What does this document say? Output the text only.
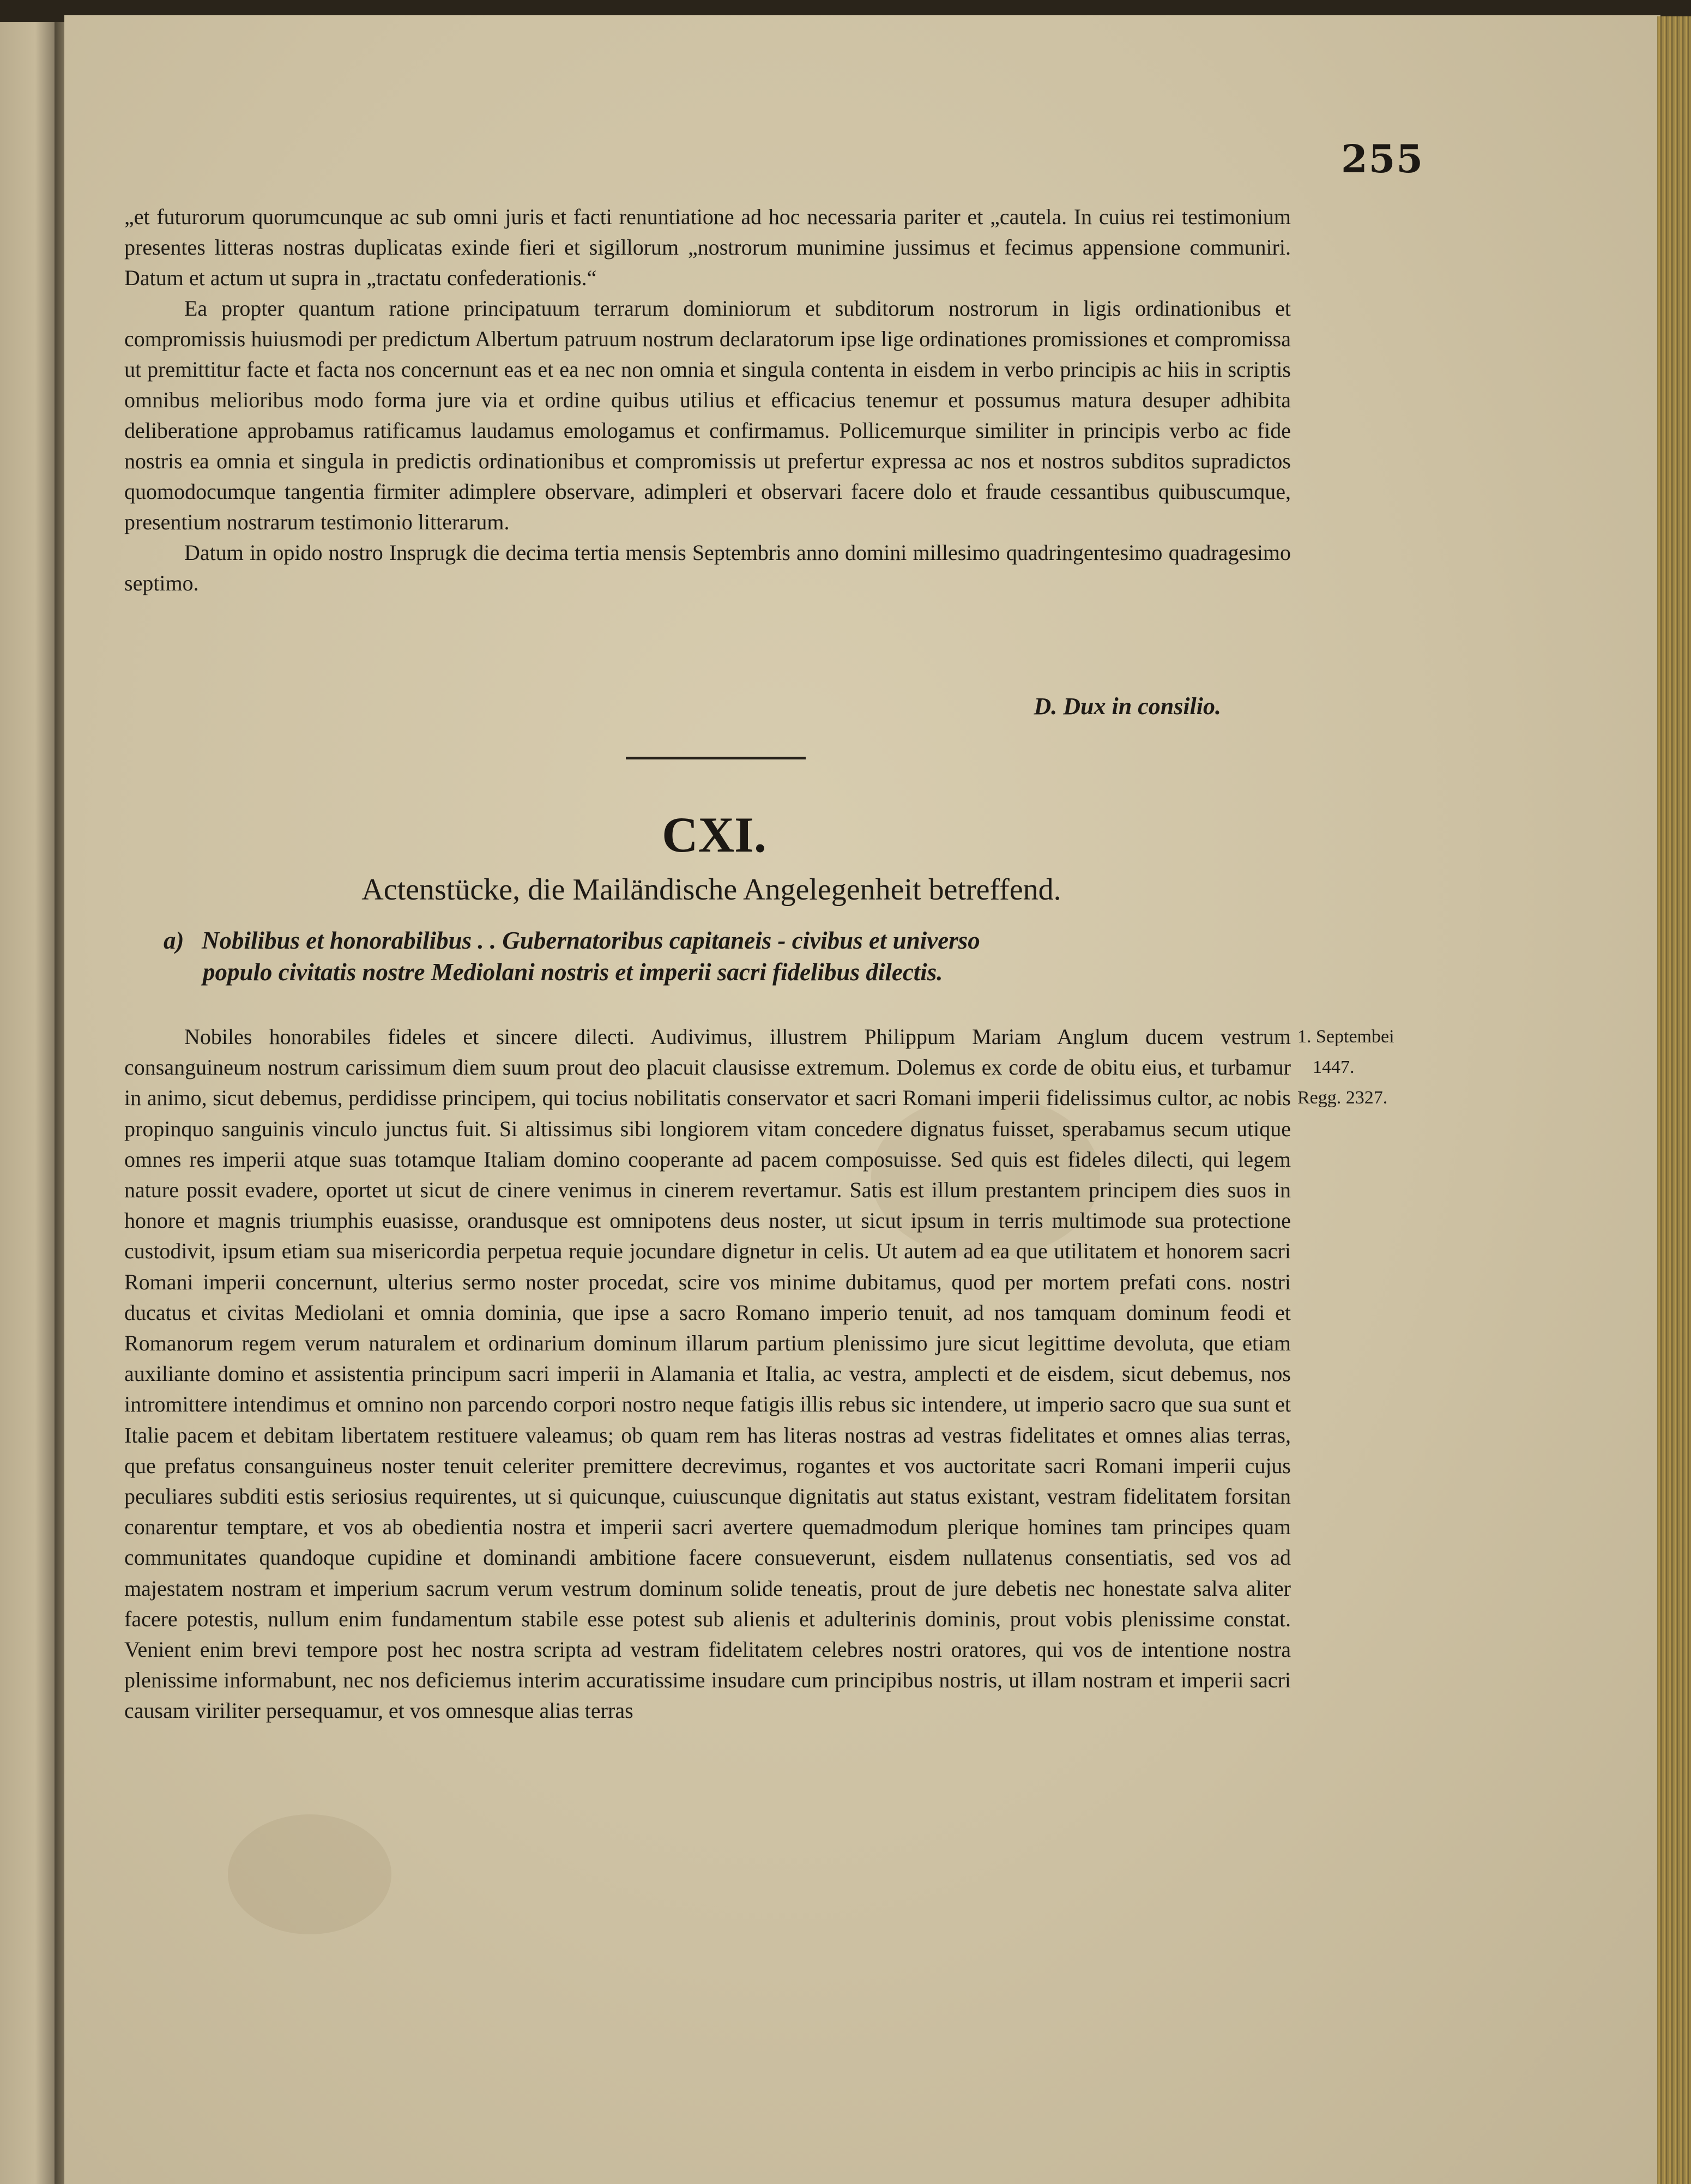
255

„et futurorum quorumcunque ac sub omni juris et facti renuntiatione ad hoc necessaria pariter et „cautela. In cuius rei testimonium presentes litteras nostras duplicatas exinde fieri et sigillorum „nostrorum munimine jussimus et fecimus appensione communiri. Datum et actum ut supra in „tractatu confederationis.“

Ea propter quantum ratione principatuum terrarum dominiorum et subditorum nostrorum in ligis ordinationibus et compromissis huiusmodi per predictum Albertum patruum nostrum declaratorum ipse lige ordinationes promissiones et compromissa ut premittitur facte et facta nos concernunt eas et ea nec non omnia et singula contenta in eisdem in verbo principis ac hiis in scriptis omnibus melioribus modo forma jure via et ordine quibus utilius et efficacius tenemur et possumus matura desuper adhibita deliberatione approbamus ratificamus laudamus emologamus et confirmamus. Pollicemurque similiter in principis verbo ac fide nostris ea omnia et singula in predictis ordinationibus et compromissis ut prefertur expressa ac nos et nostros subditos supradictos quomodocumque tangentia firmiter adimplere observare, adimpleri et observari facere dolo et fraude cessantibus quibuscumque, presentium nostrarum testimonio litterarum.

Datum in opido nostro Insprugk die decima tertia mensis Septembris anno domini millesimo quadringentesimo quadragesimo septimo.

D. Dux in consilio.
CXI.
Actenstücke, die Mailändische Angelegenheit betreffend.
a) Nobilibus et honorabilibus . . Gubernatoribus capitaneis - civibus et universo
populo civitatis nostre Mediolani nostris et imperii sacri fidelibus dilectis.

Nobiles honorabiles fideles et sincere dilecti. Audivimus, illustrem Philippum Mariam Anglum ducem vestrum consanguineum nostrum carissimum diem suum prout deo placuit clausisse extremum. Dolemus ex corde de obitu eius, et turbamur in animo, sicut debemus, perdidisse principem, qui tocius nobilitatis conservator et sacri Romani imperii fidelissimus cultor, ac nobis propinquo sanguinis vinculo junctus fuit. Si altissimus sibi longiorem vitam concedere dignatus fuisset, sperabamus secum utique omnes res imperii atque suas totamque Italiam domino cooperante ad pacem composuisse. Sed quis est fideles dilecti, qui legem nature possit evadere, oportet ut sicut de cinere venimus in cinerem revertamur. Satis est illum prestantem principem dies suos in honore et magnis triumphis euasisse, orandusque est omnipotens deus noster, ut sicut ipsum in terris multimode sua protectione custodivit, ipsum etiam sua misericordia perpetua requie jocundare dignetur in celis. Ut autem ad ea que utilitatem et honorem sacri Romani imperii concernunt, ulterius sermo noster procedat, scire vos minime dubitamus, quod per mortem prefati cons. nostri ducatus et civitas Mediolani et omnia dominia, que ipse a sacro Romano imperio tenuit, ad nos tamquam dominum feodi et Romanorum regem verum naturalem et ordinarium dominum illarum partium plenissimo jure sicut legittime devoluta, que etiam auxiliante domino et assistentia principum sacri imperii in Alamania et Italia, ac vestra, amplecti et de eisdem, sicut debemus, nos intromittere intendimus et omnino non parcendo corpori nostro neque fatigis illis rebus sic intendere, ut imperio sacro que sua sunt et Italie pacem et debitam libertatem restituere valeamus; ob quam rem has literas nostras ad vestras fidelitates et omnes alias terras, que prefatus consanguineus noster tenuit celeriter premittere decrevimus, rogantes et vos auctoritate sacri Romani imperii cujus peculiares subditi estis seriosius requirentes, ut si quicunque, cuiuscunque dignitatis aut status existant, vestram fidelitatem forsitan conarentur temptare, et vos ab obedientia nostra et imperii sacri avertere quemadmodum plerique homines tam principes quam communitates quandoque cupidine et dominandi ambitione facere consueverunt, eisdem nullatenus consentiatis, sed vos ad majestatem nostram et imperium sacrum verum vestrum dominum solide teneatis, prout de jure debetis nec honestate salva aliter facere potestis, nullum enim fundamentum stabile esse potest sub alienis et adulterinis dominis, prout vobis plenissime constat. Venient enim brevi tempore post hec nostra scripta ad vestram fidelitatem celebres nostri oratores, qui vos de intentione nostra plenissime informabunt, nec nos deficiemus interim accuratissime insudare cum principibus nostris, ut illam nostram et imperii sacri causam viriliter persequamur, et vos omnesque alias terras

1. Septembei
1447.
Regg. 2327.
